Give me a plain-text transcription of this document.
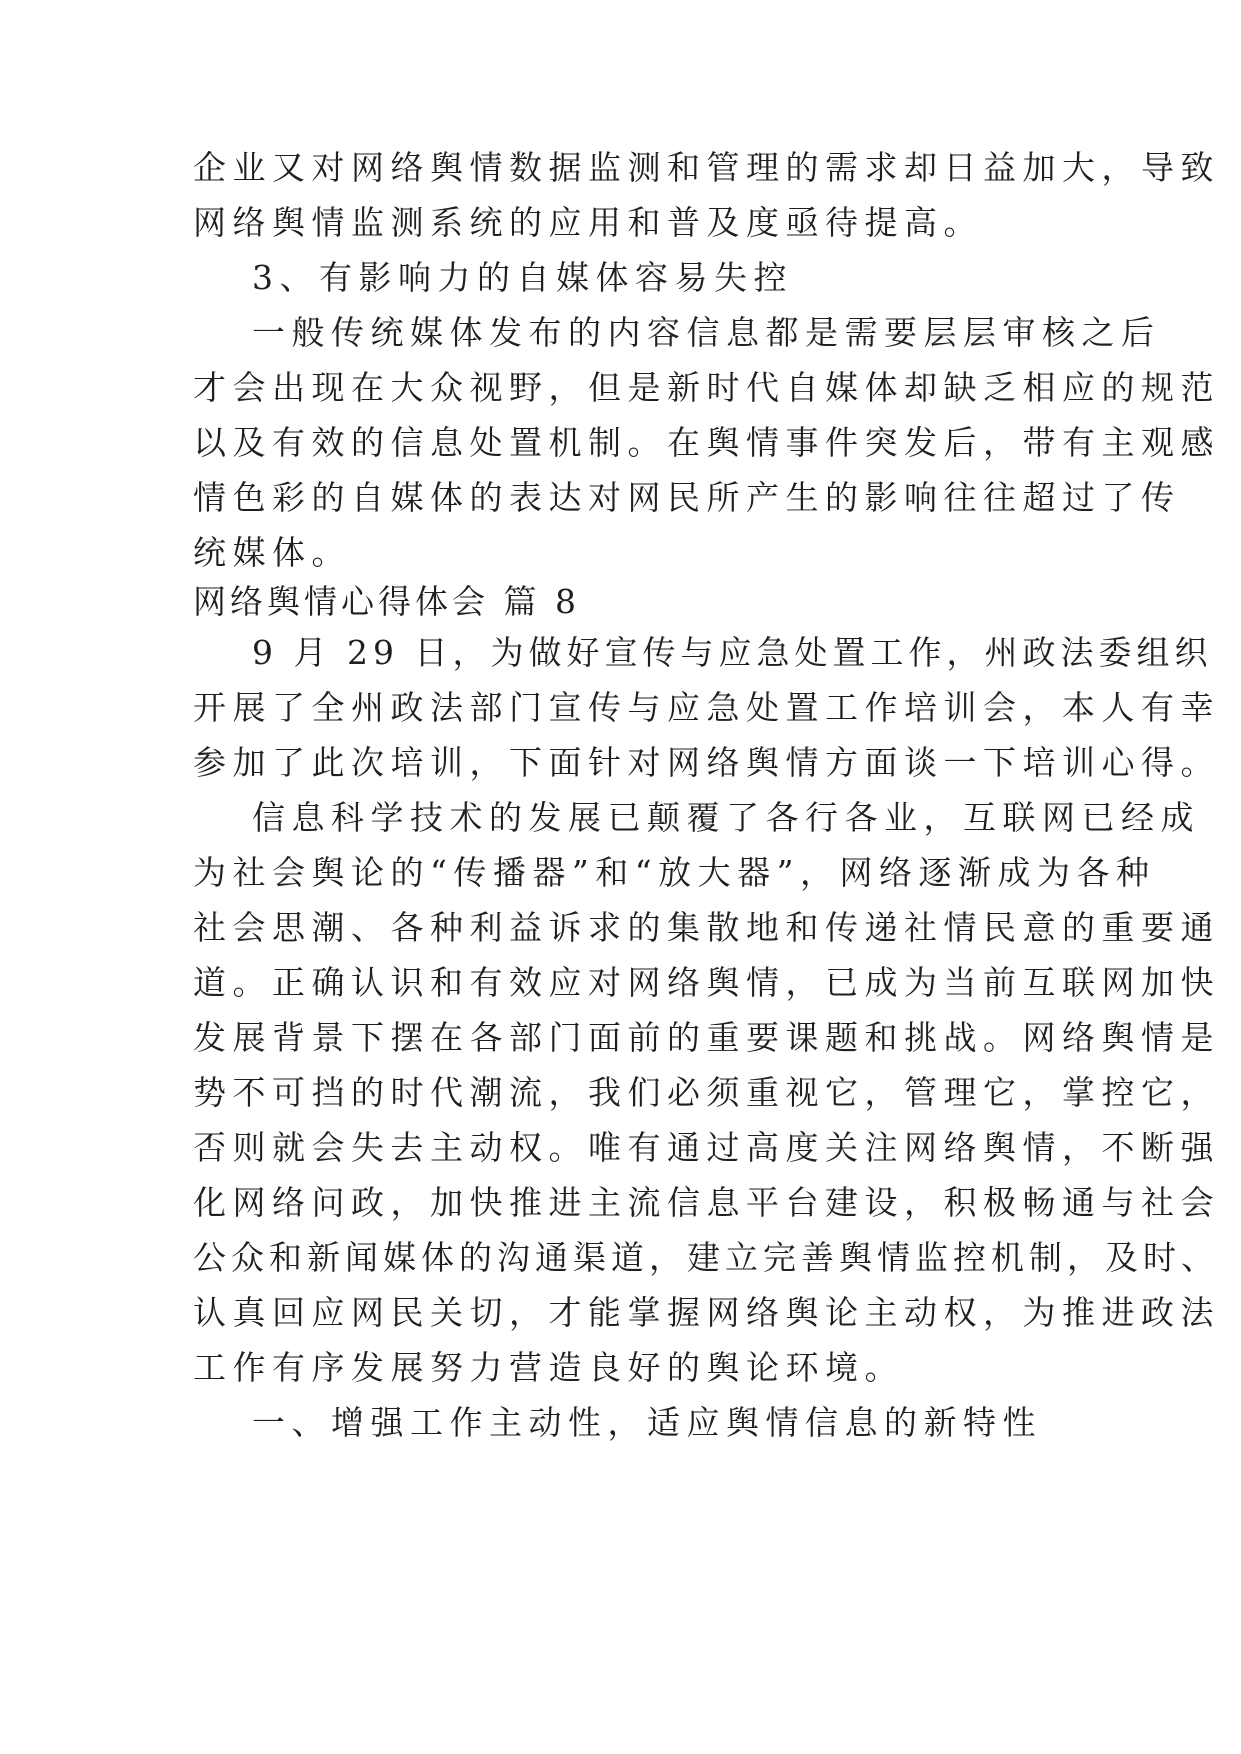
企业又对网络舆情数据监测和管理的需求却日益加大，导致
网络舆情监测系统的应用和普及度亟待提高。
3、有影响力的自媒体容易失控
一般传统媒体发布的内容信息都是需要层层审核之后
才会出现在大众视野，但是新时代自媒体却缺乏相应的规范
以及有效的信息处置机制。在舆情事件突发后，带有主观感
情色彩的自媒体的表达对网民所产生的影响往往超过了传
统媒体。
网络舆情心得体会 篇 8
9 月 29 日，为做好宣传与应急处置工作，州政法委组织
开展了全州政法部门宣传与应急处置工作培训会，本人有幸
参加了此次培训，下面针对网络舆情方面谈一下培训心得。
信息科学技术的发展已颠覆了各行各业，互联网已经成
为社会舆论的“传播器”和“放大器”，网络逐渐成为各种
社会思潮、各种利益诉求的集散地和传递社情民意的重要通
道。正确认识和有效应对网络舆情，已成为当前互联网加快
发展背景下摆在各部门面前的重要课题和挑战。网络舆情是
势不可挡的时代潮流，我们必须重视它，管理它，掌控它，
否则就会失去主动权。唯有通过高度关注网络舆情，不断强
化网络问政，加快推进主流信息平台建设，积极畅通与社会
公众和新闻媒体的沟通渠道，建立完善舆情监控机制，及时、
认真回应网民关切，才能掌握网络舆论主动权，为推进政法
工作有序发展努力营造良好的舆论环境。
一、增强工作主动性，适应舆情信息的新特性
